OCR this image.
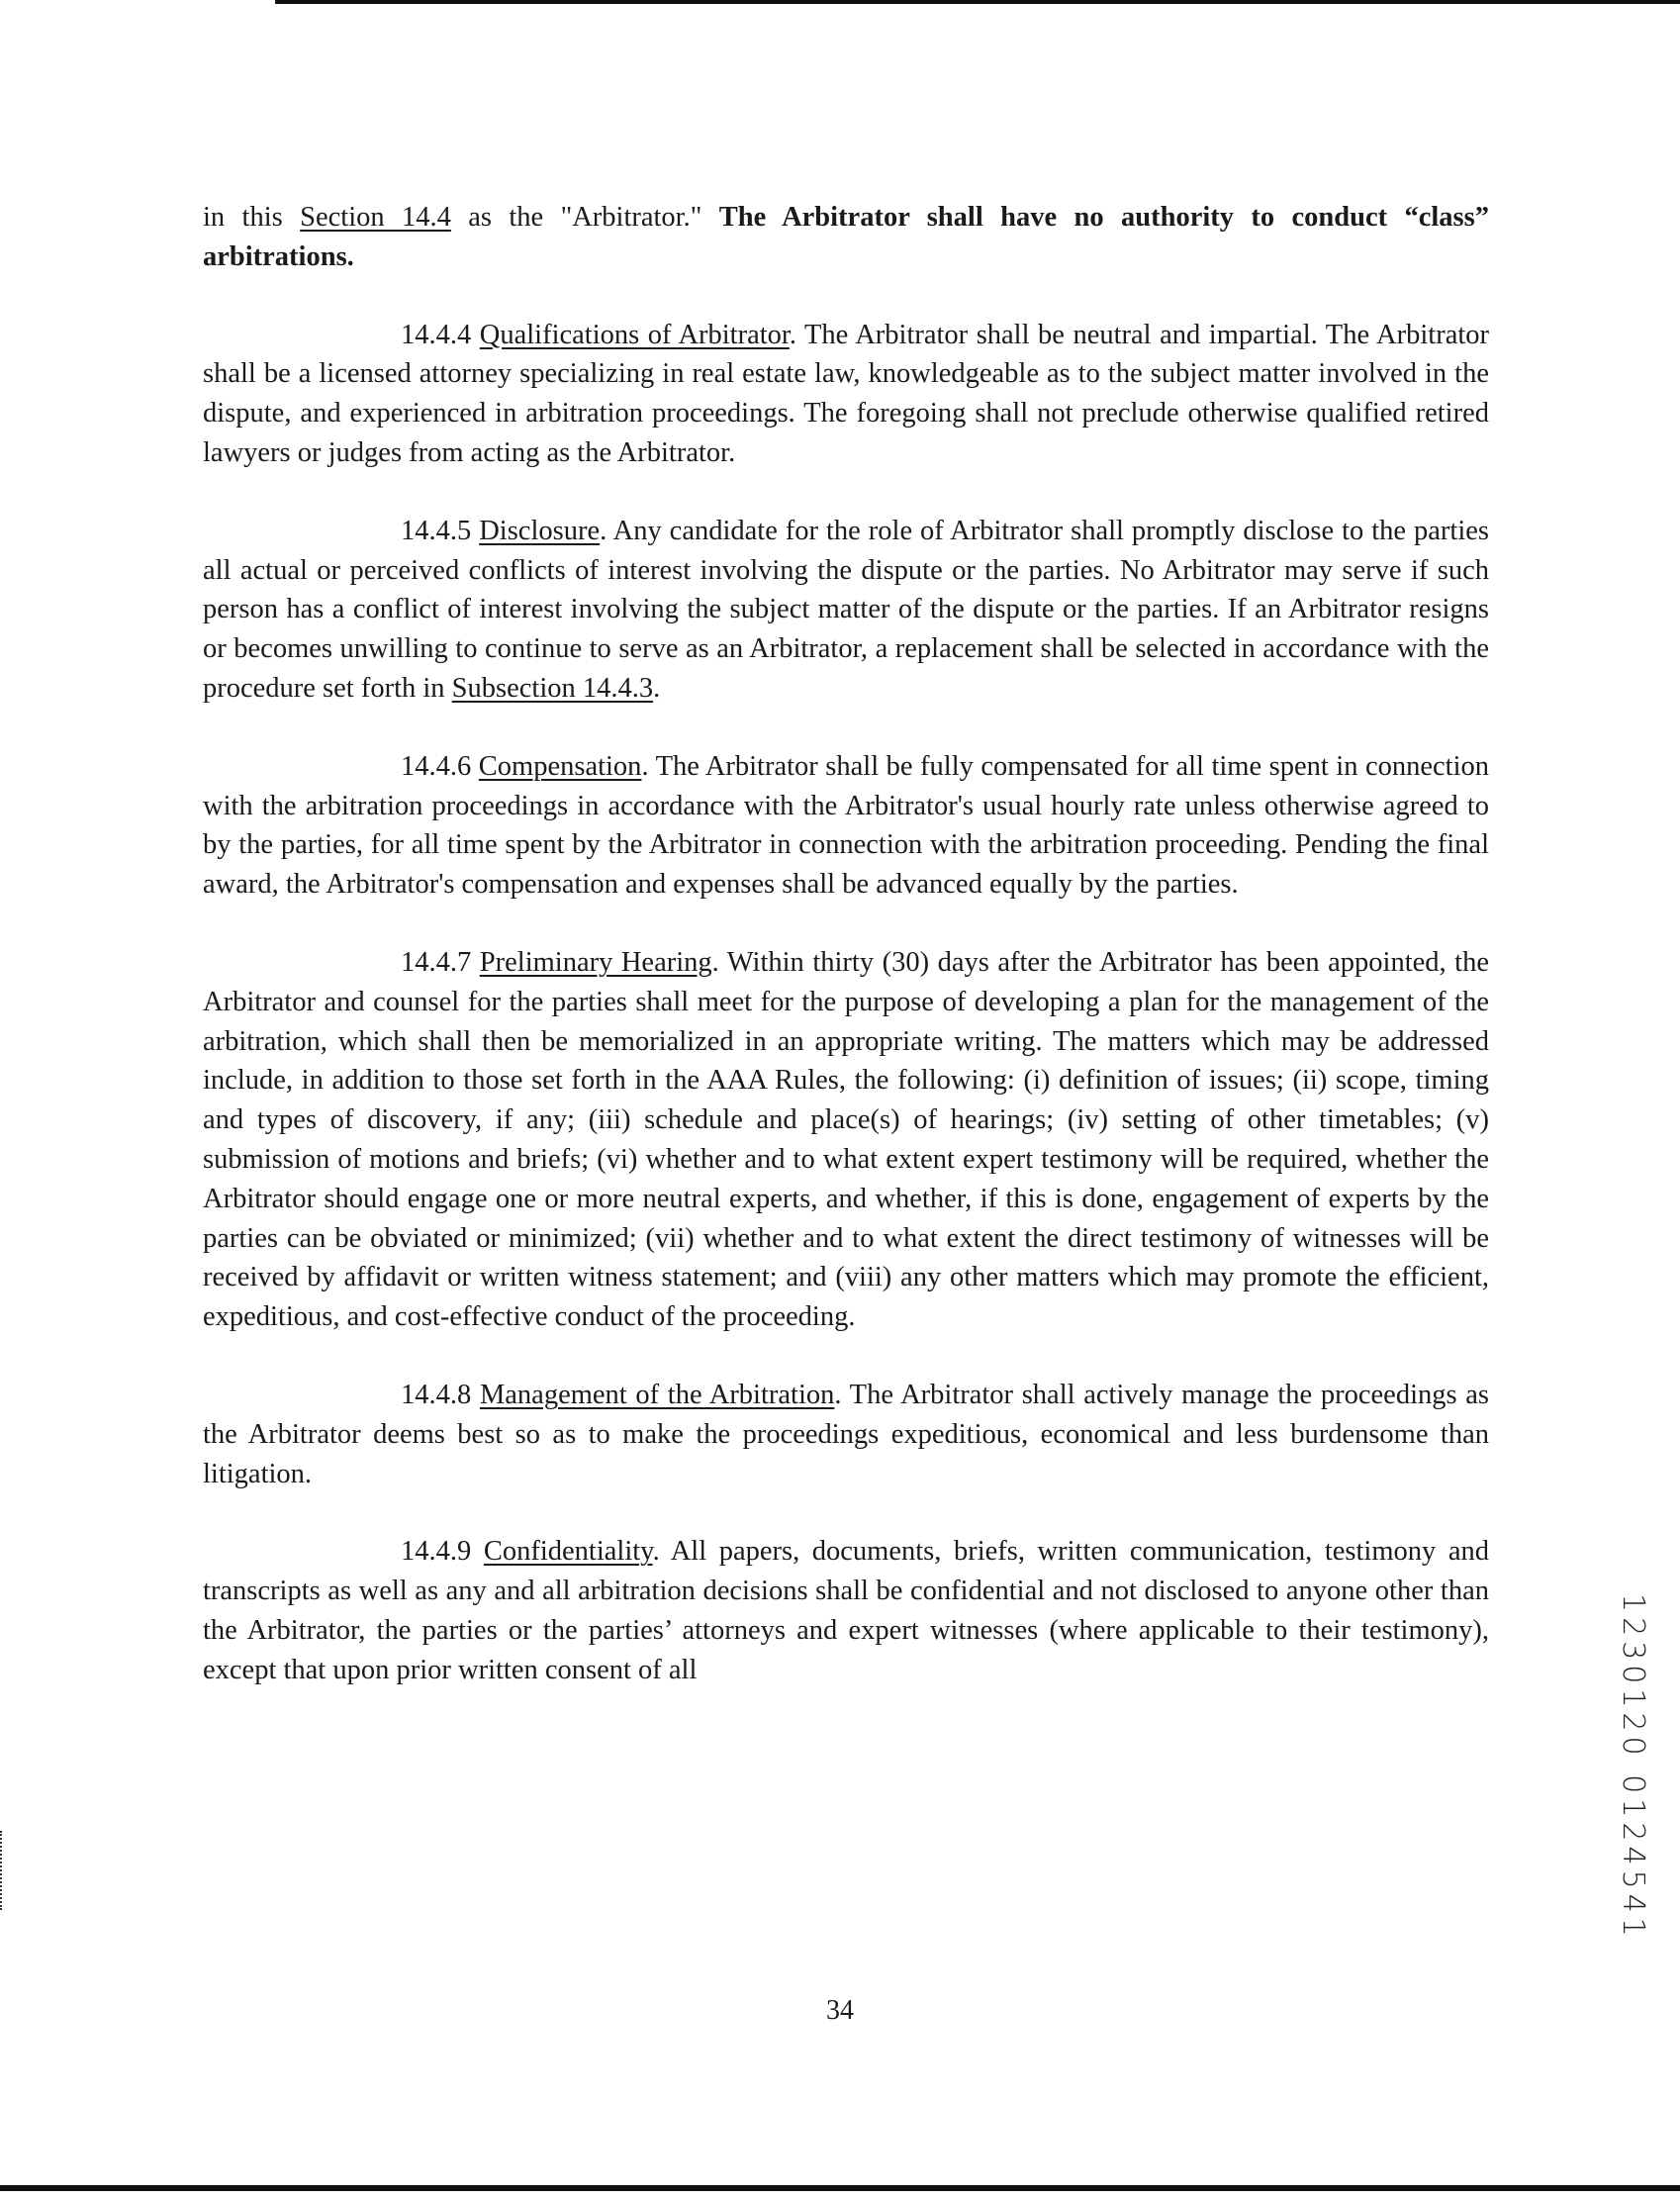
in this Section 14.4 as the "Arbitrator." The Arbitrator shall have no authority to conduct “class” arbitrations.

14.4.4 Qualifications of Arbitrator. The Arbitrator shall be neutral and impartial. The Arbitrator shall be a licensed attorney specializing in real estate law, knowledgeable as to the subject matter involved in the dispute, and experienced in arbitration proceedings. The foregoing shall not preclude otherwise qualified retired lawyers or judges from acting as the Arbitrator.

14.4.5 Disclosure. Any candidate for the role of Arbitrator shall promptly disclose to the parties all actual or perceived conflicts of interest involving the dispute or the parties. No Arbitrator may serve if such person has a conflict of interest involving the subject matter of the dispute or the parties. If an Arbitrator resigns or becomes unwilling to continue to serve as an Arbitrator, a replacement shall be selected in accordance with the procedure set forth in Subsection 14.4.3.

14.4.6 Compensation. The Arbitrator shall be fully compensated for all time spent in connection with the arbitration proceedings in accordance with the Arbitrator's usual hourly rate unless otherwise agreed to by the parties, for all time spent by the Arbitrator in connection with the arbitration proceeding. Pending the final award, the Arbitrator's compensation and expenses shall be advanced equally by the parties.

14.4.7 Preliminary Hearing. Within thirty (30) days after the Arbitrator has been appointed, the Arbitrator and counsel for the parties shall meet for the purpose of developing a plan for the management of the arbitration, which shall then be memorialized in an appropriate writing. The matters which may be addressed include, in addition to those set forth in the AAA Rules, the following: (i) definition of issues; (ii) scope, timing and types of discovery, if any; (iii) schedule and place(s) of hearings; (iv) setting of other timetables; (v) submission of motions and briefs; (vi) whether and to what extent expert testimony will be required, whether the Arbitrator should engage one or more neutral experts, and whether, if this is done, engagement of experts by the parties can be obviated or minimized; (vii) whether and to what extent the direct testimony of witnesses will be received by affidavit or written witness statement; and (viii) any other matters which may promote the efficient, expeditious, and cost-effective conduct of the proceeding.

14.4.8 Management of the Arbitration. The Arbitrator shall actively manage the proceedings as the Arbitrator deems best so as to make the proceedings expeditious, economical and less burdensome than litigation.

14.4.9 Confidentiality. All papers, documents, briefs, written communication, testimony and transcripts as well as any and all arbitration decisions shall be confidential and not disclosed to anyone other than the Arbitrator, the parties or the parties’ attorneys and expert witnesses (where applicable to their testimony), except that upon prior written consent of all

34
1230120 0124541
